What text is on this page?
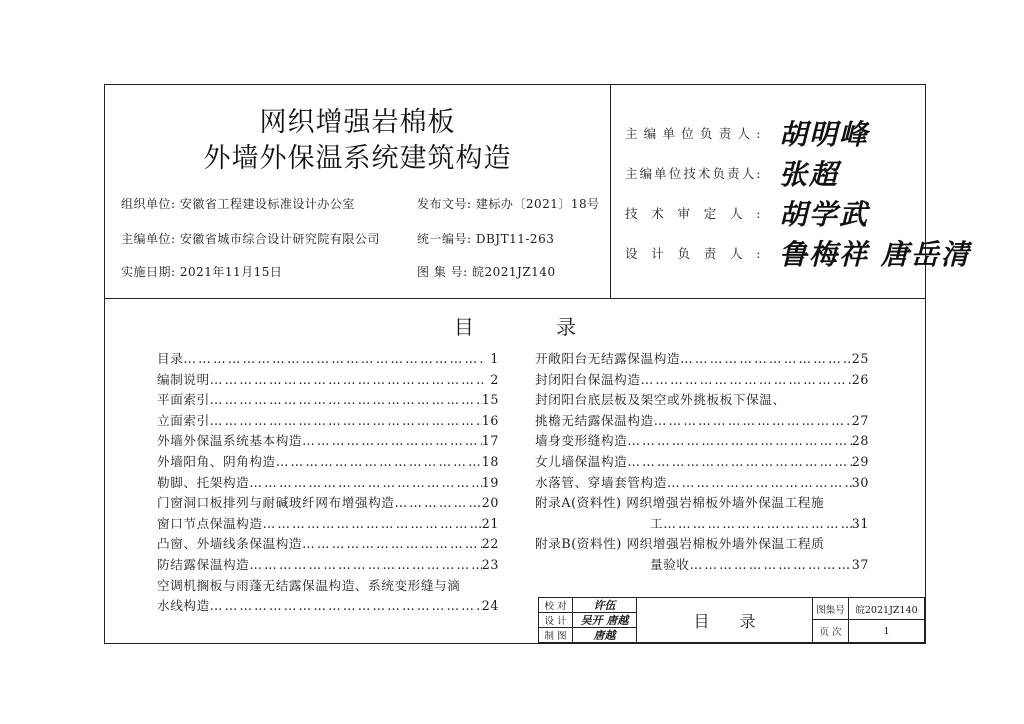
网织增强岩棉板
外墙外保温系统建筑构造
组织单位: 安徽省工程建设标准设计办公室
主编单位: 安徽省城市综合设计研究院有限公司
实施日期: 2021年11月15日
发布文号: 建标办〔2021〕18号
统一编号: DBJT11-263
图 集 号: 皖2021JZ140
主编单位负责人: 胡明峰
主编单位技术负责人: 张超
技术审定人: 胡学武
设计负责人: 鲁梅祥 唐岳清
目	录
目录 ………………………………………………………………………………………………………………	1
编制说明 ………………………………………………………………………………………………………………	2
平面索引 ………………………………………………………………………………………………………………	15
立面索引 ………………………………………………………………………………………………………………	16
外墙外保温系统基本构造 ………………………………………………………………………………………………………………	17
外墙阳角、阴角构造 ………………………………………………………………………………………………………………	18
勒脚、托架构造 ………………………………………………………………………………………………………………	19
门窗洞口板排列与耐碱玻纤网布增强构造 ………………………………………………………………………………………………………………	20
窗口节点保温构造 ………………………………………………………………………………………………………………	21
凸窗、外墙线条保温构造 ………………………………………………………………………………………………………………	22
防结露保温构造 ………………………………………………………………………………………………………………	23
空调机搁板与雨蓬无结露保温构造、系统变形缝与滴
水线构造 ………………………………………………………………………………………………………………	24
开敞阳台无结露保温构造 ………………………………………………………………………………………………………………	25
封闭阳台保温构造 ………………………………………………………………………………………………………………	26
封闭阳台底层板及架空或外挑板板下保温、
挑檐无结露保温构造 ………………………………………………………………………………………………………………	27
墙身变形缝构造 ………………………………………………………………………………………………………………	28
女儿墙保温构造 ………………………………………………………………………………………………………………	29
水落管、穿墙套管构造 ………………………………………………………………………………………………………………	30
附录A(资料性) 网织增强岩棉板外墙外保温工程施
工 ………………………………………………………………………………………………………………	31
附录B(资料性) 网织增强岩棉板外墙外保温工程质
量验收 ………………………………………………………………………………………………………………	37
校 对	许伍
设 计	吴开 唐越
制 图	唐越
目录
图集号	皖2021JZ140
页 次	1
